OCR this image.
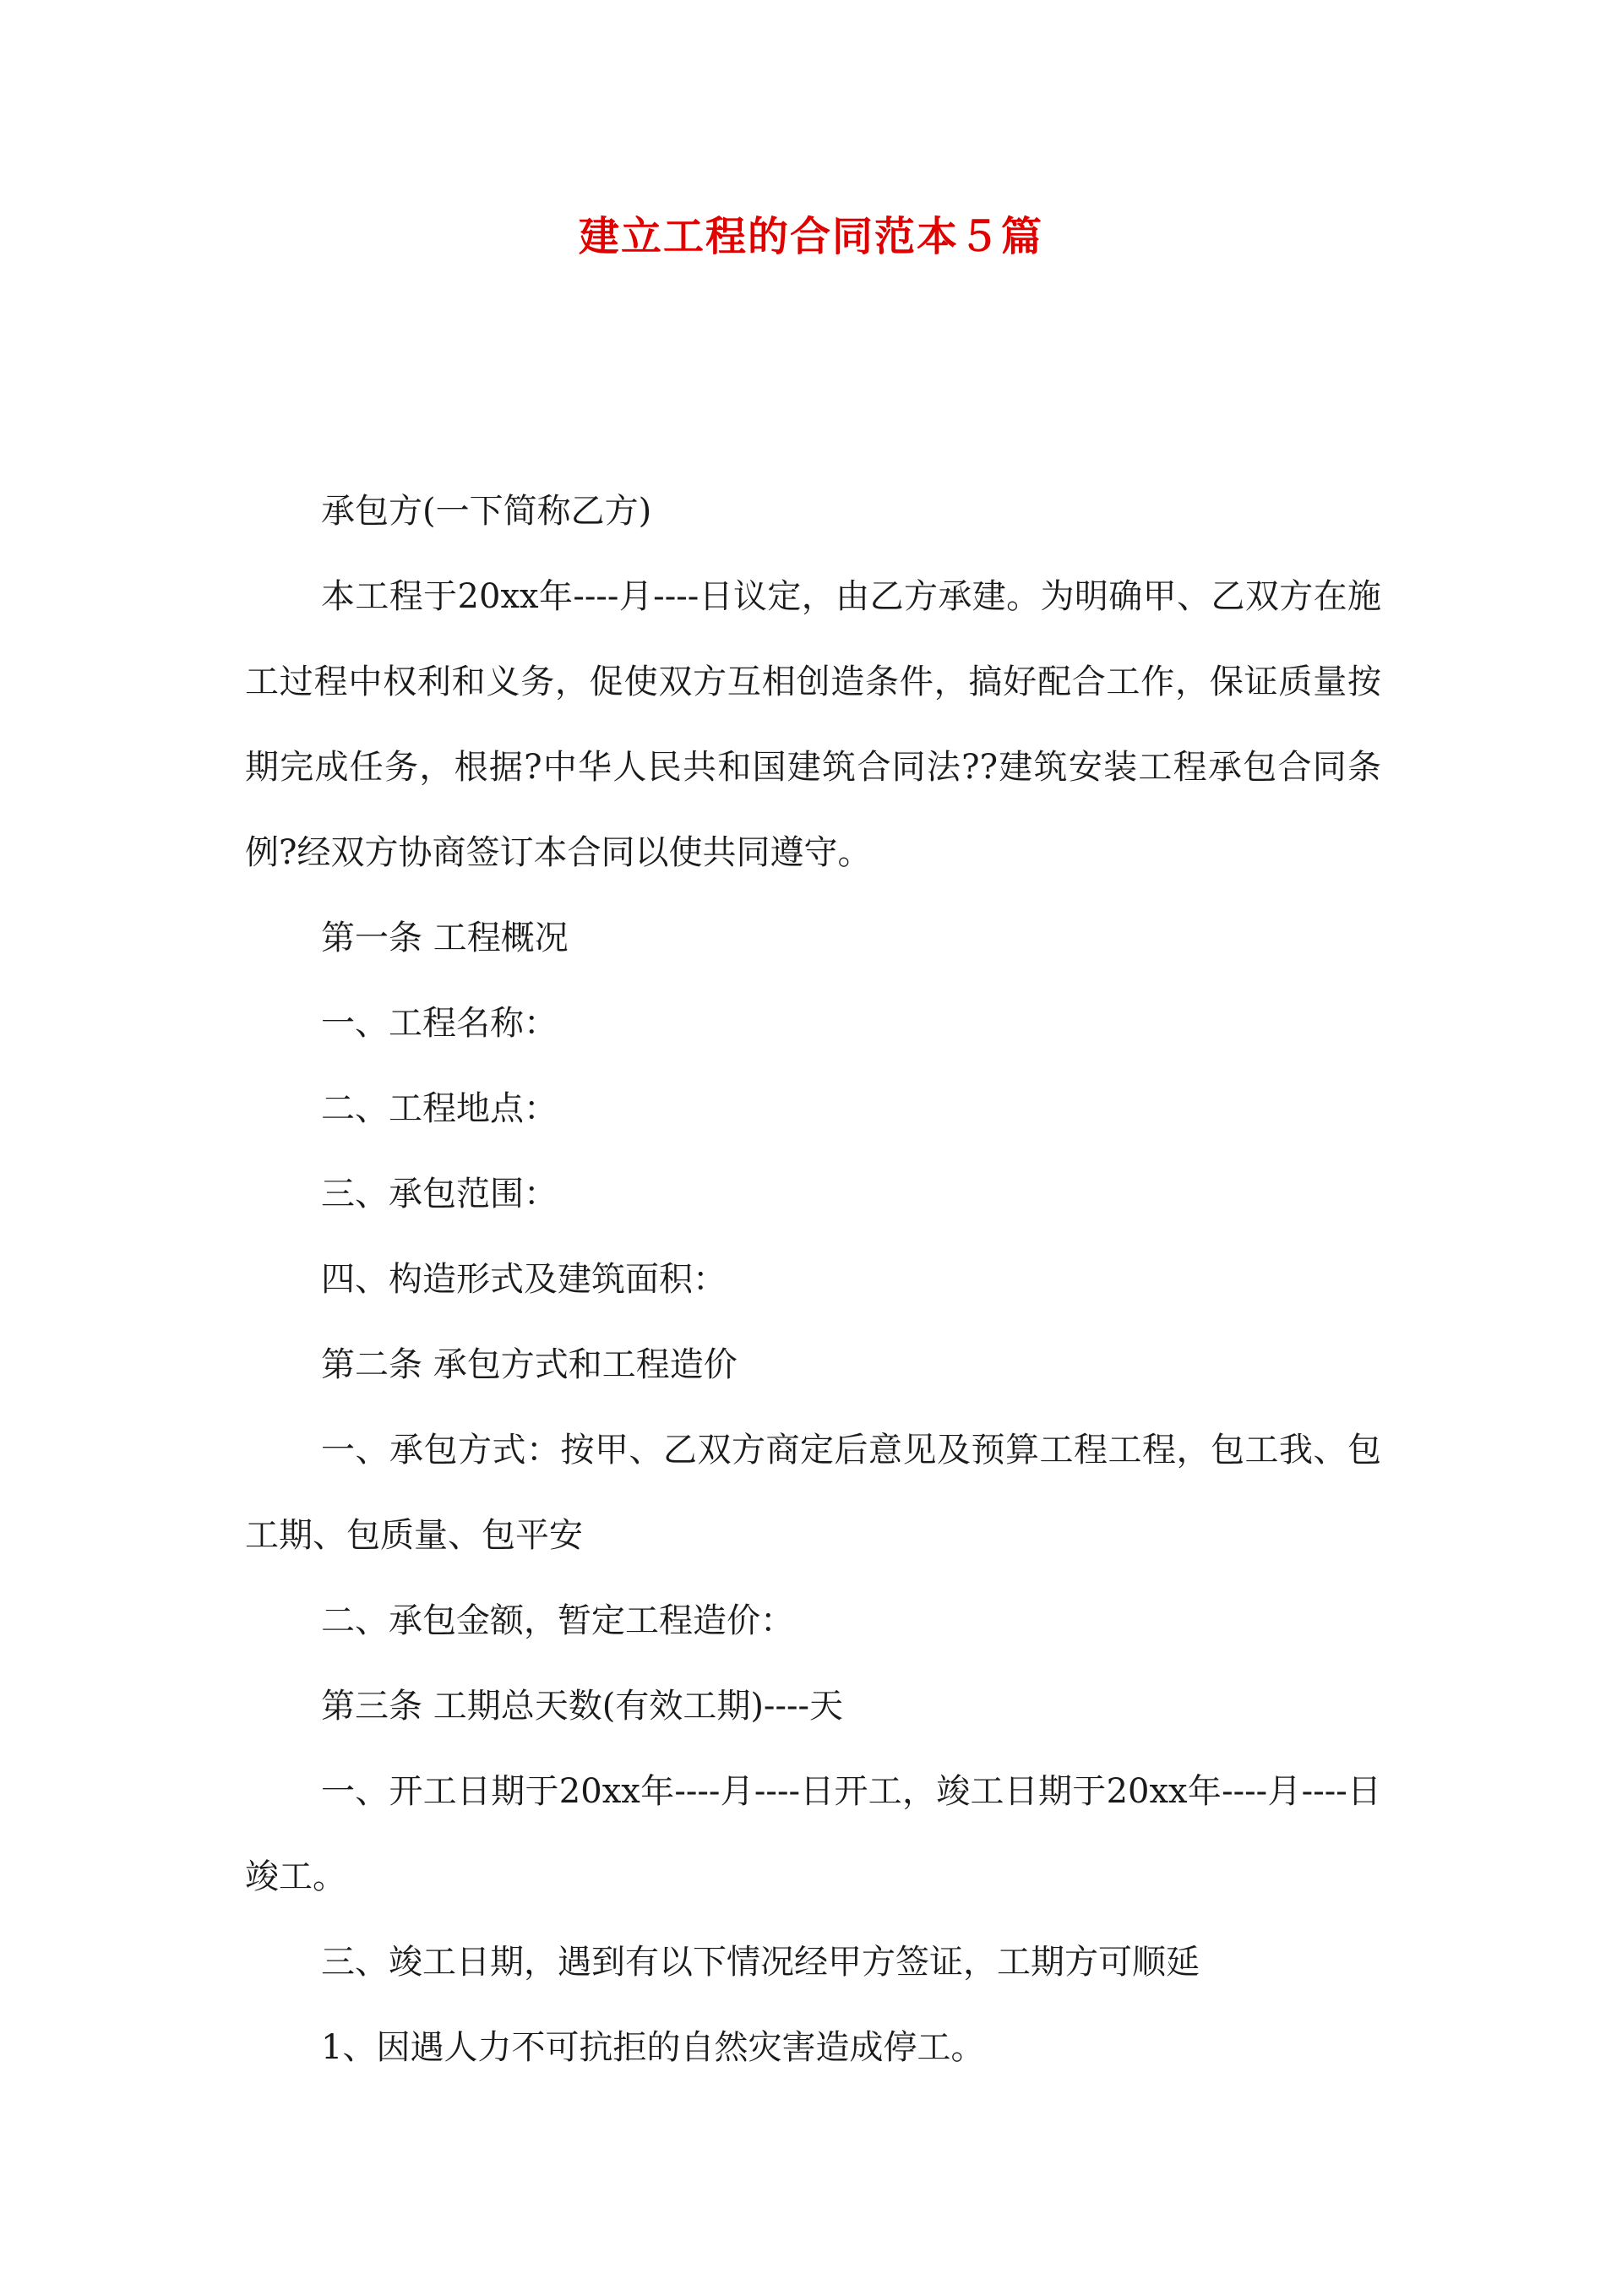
建立工程的合同范本５篇

承包方(一下简称乙方)

本工程于20xx年----月----日议定，由乙方承建。为明确甲、乙双方在施工过程中权利和义务，促使双方互相创造条件，搞好配合工作，保证质量按期完成任务，根据?中华人民共和国建筑合同法??建筑安装工程承包合同条例?经双方协商签订本合同以使共同遵守。

第一条 工程概况

一、工程名称：

二、工程地点：

三、承包范围：

四、构造形式及建筑面积：

第二条 承包方式和工程造价

一、承包方式：按甲、乙双方商定后意见及预算工程工程，包工我、包工期、包质量、包平安

二、承包金额，暂定工程造价：

第三条 工期总天数(有效工期)----天

一、开工日期于20xx年----月----日开工，竣工日期于20xx年----月----日竣工。

三、竣工日期，遇到有以下情况经甲方签证，工期方可顺延

1、因遇人力不可抗拒的自然灾害造成停工。
